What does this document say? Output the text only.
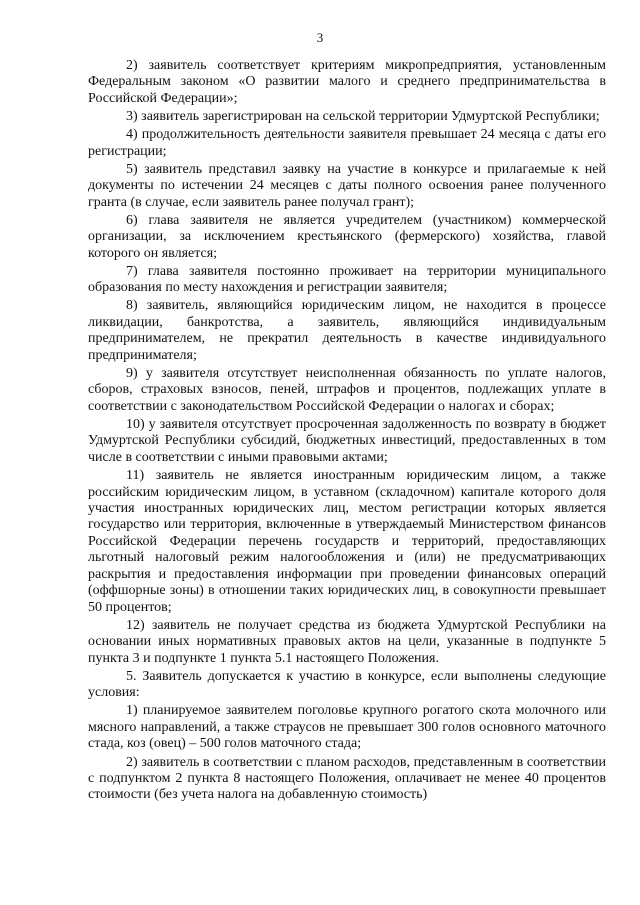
3

2) заявитель соответствует критериям микропредприятия, установленным Федеральным законом «О развитии малого и среднего предпринимательства в Российской Федерации»;

3) заявитель зарегистрирован на сельской территории Удмуртской Республики;

4) продолжительность деятельности заявителя превышает 24 месяца с даты его регистрации;

5) заявитель представил заявку на участие в конкурсе и прилагаемые к ней документы по истечении 24 месяцев с даты полного освоения ранее полученного гранта (в случае, если заявитель ранее получал грант);

6) глава заявителя не является учредителем (участником) коммерческой организации, за исключением крестьянского (фермерского) хозяйства, главой которого он является;

7) глава заявителя постоянно проживает на территории муниципального образования по месту нахождения и регистрации заявителя;

8) заявитель, являющийся юридическим лицом, не находится в процессе ликвидации, банкротства, а заявитель, являющийся индивидуальным предпринимателем, не прекратил деятельность в качестве индивидуального предпринимателя;

9) у заявителя отсутствует неисполненная обязанность по уплате налогов, сборов, страховых взносов, пеней, штрафов и процентов, подлежащих уплате в соответствии с законодательством Российской Федерации о налогах и сборах;

10) у заявителя отсутствует просроченная задолженность по возврату в бюджет Удмуртской Республики субсидий, бюджетных инвестиций, предоставленных в том числе в соответствии с иными правовыми актами;

11) заявитель не является иностранным юридическим лицом, а также российским юридическим лицом, в уставном (складочном) капитале которого доля участия иностранных юридических лиц, местом регистрации которых является государство или территория, включенные в утверждаемый Министерством финансов Российской Федерации перечень государств и территорий, предоставляющих льготный налоговый режим налогообложения и (или) не предусматривающих раскрытия и предоставления информации при проведении финансовых операций (оффшорные зоны) в отношении таких юридических лиц, в совокупности превышает 50 процентов;

12) заявитель не получает средства из бюджета Удмуртской Республики на основании иных нормативных правовых актов на цели, указанные в подпункте 5 пункта 3 и подпункте 1 пункта 5.1 настоящего Положения.

5. Заявитель допускается к участию в конкурсе, если выполнены следующие условия:

1) планируемое заявителем поголовье крупного рогатого скота молочного или мясного направлений, а также страусов не превышает 300 голов основного маточного стада, коз (овец) – 500 голов маточного стада;

2) заявитель в соответствии с планом расходов, представленным в соответствии с подпунктом 2 пункта 8 настоящего Положения, оплачивает не менее 40 процентов стоимости (без учета налога на добавленную стоимость)
